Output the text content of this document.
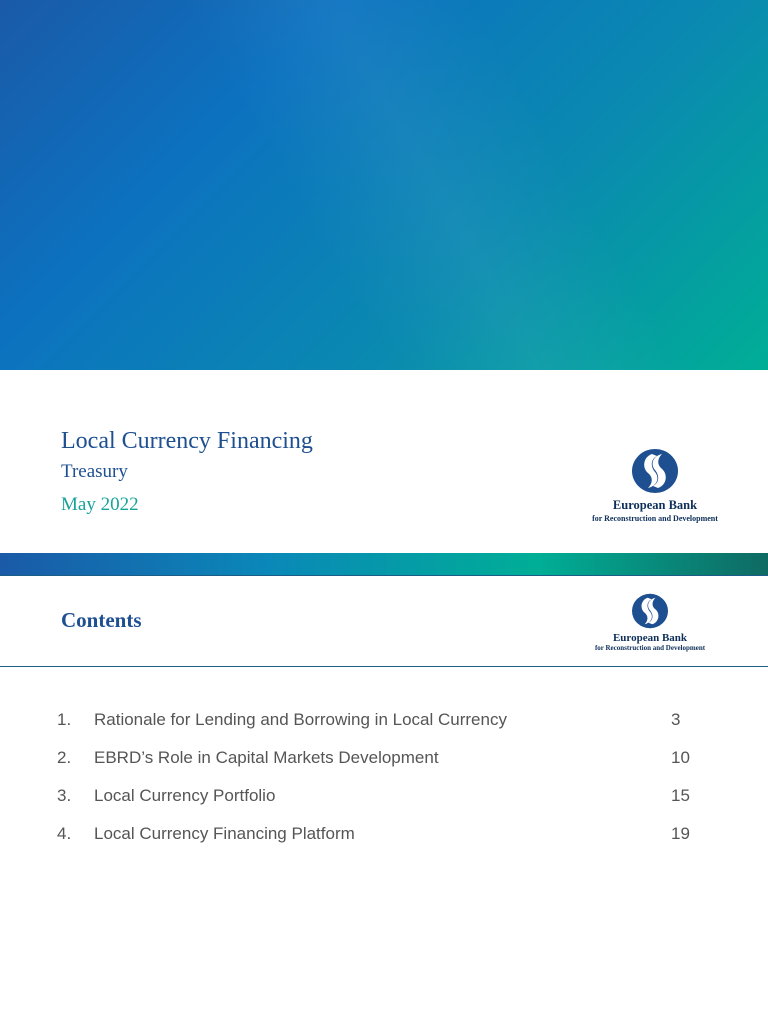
Local Currency Financing
Treasury
May 2022	European Bank
for Reconstruction and Development
Contents
European Bank
for Reconstruction and Development
1. Rationale for Lending and Borrowing in Local Currency	3
2. EBRD’s Role in Capital Markets Development	10
3. Local Currency Portfolio	15
4. Local Currency Financing Platform	19
